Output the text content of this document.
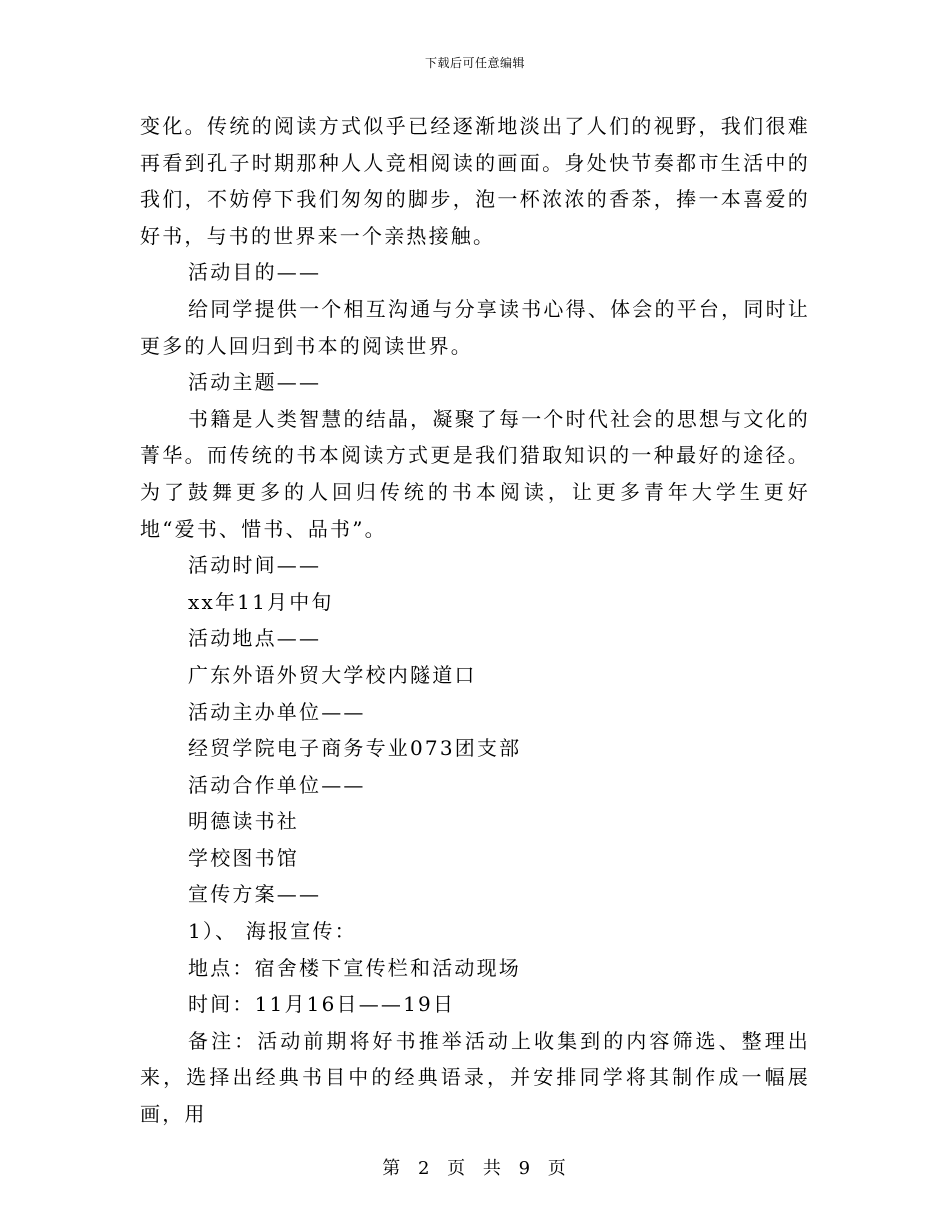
下载后可任意编辑

变化。传统的阅读方式似乎已经逐渐地淡出了人们的视野，我们很难再看到孔子时期那种人人竞相阅读的画面。身处快节奏都市生活中的我们，不妨停下我们匆匆的脚步，泡一杯浓浓的香茶，捧一本喜爱的好书，与书的世界来一个亲热接触。

活动目的——

给同学提供一个相互沟通与分享读书心得、体会的平台，同时让更多的人回归到书本的阅读世界。

活动主题——

书籍是人类智慧的结晶，凝聚了每一个时代社会的思想与文化的菁华。而传统的书本阅读方式更是我们猎取知识的一种最好的途径。为了鼓舞更多的人回归传统的书本阅读，让更多青年大学生更好地“爱书、惜书、品书”。

活动时间——

xx年11月中旬

活动地点——

广东外语外贸大学校内隧道口

活动主办单位——

经贸学院电子商务专业073团支部

活动合作单位——

明德读书社

学校图书馆

宣传方案——

1）、 海报宣传：

地点：宿舍楼下宣传栏和活动现场

时间：11月16日——19日

备注：活动前期将好书推举活动上收集到的内容筛选、整理出来，选择出经典书目中的经典语录，并安排同学将其制作成一幅展画，用

第 2 页 共 9 页
